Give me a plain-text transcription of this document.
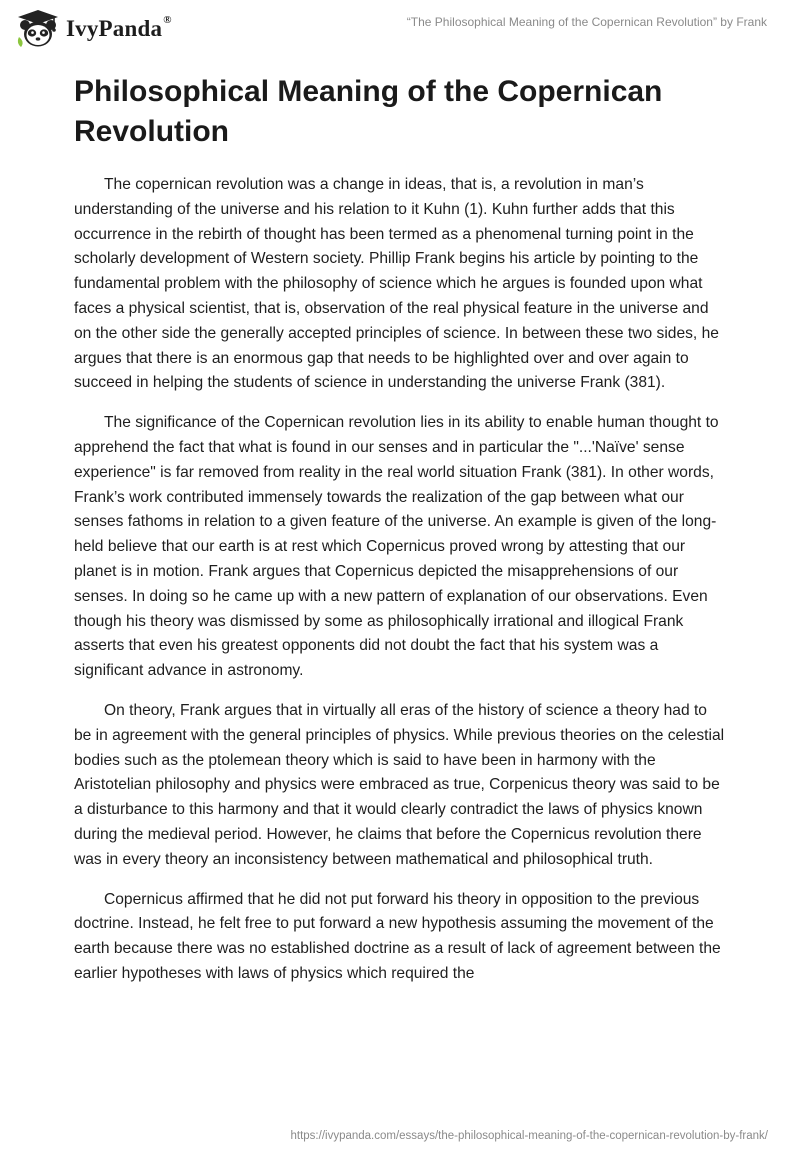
IvyPanda®	“The Philosophical Meaning of the Copernican Revolution” by Frank
Philosophical Meaning of the Copernican Revolution

The copernican revolution was a change in ideas, that is, a revolution in man’s understanding of the universe and his relation to it Kuhn (1). Kuhn further adds that this occurrence in the rebirth of thought has been termed as a phenomenal turning point in the scholarly development of Western society. Phillip Frank begins his article by pointing to the fundamental problem with the philosophy of science which he argues is founded upon what faces a physical scientist, that is, observation of the real physical feature in the universe and on the other side the generally accepted principles of science. In between these two sides, he argues that there is an enormous gap that needs to be highlighted over and over again to succeed in helping the students of science in understanding the universe Frank (381).

The significance of the Copernican revolution lies in its ability to enable human thought to apprehend the fact that what is found in our senses and in particular the "...'Naïve' sense experience" is far removed from reality in the real world situation Frank (381). In other words, Frank’s work contributed immensely towards the realization of the gap between what our senses fathoms in relation to a given feature of the universe. An example is given of the long-held believe that our earth is at rest which Copernicus proved wrong by attesting that our planet is in motion. Frank argues that Copernicus depicted the misapprehensions of our senses. In doing so he came up with a new pattern of explanation of our observations. Even though his theory was dismissed by some as philosophically irrational and illogical Frank asserts that even his greatest opponents did not doubt the fact that his system was a significant advance in astronomy.

On theory, Frank argues that in virtually all eras of the history of science a theory had to be in agreement with the general principles of physics. While previous theories on the celestial bodies such as the ptolemean theory which is said to have been in harmony with the Aristotelian philosophy and physics were embraced as true, Corpenicus theory was said to be a disturbance to this harmony and that it would clearly contradict the laws of physics known during the medieval period. However, he claims that before the Copernicus revolution there was in every theory an inconsistency between mathematical and philosophical truth.

Copernicus affirmed that he did not put forward his theory in opposition to the previous doctrine. Instead, he felt free to put forward a new hypothesis assuming the movement of the earth because there was no established doctrine as a result of lack of agreement between the earlier hypotheses with laws of physics which required the

https://ivypanda.com/essays/the-philosophical-meaning-of-the-copernican-revolution-by-frank/
